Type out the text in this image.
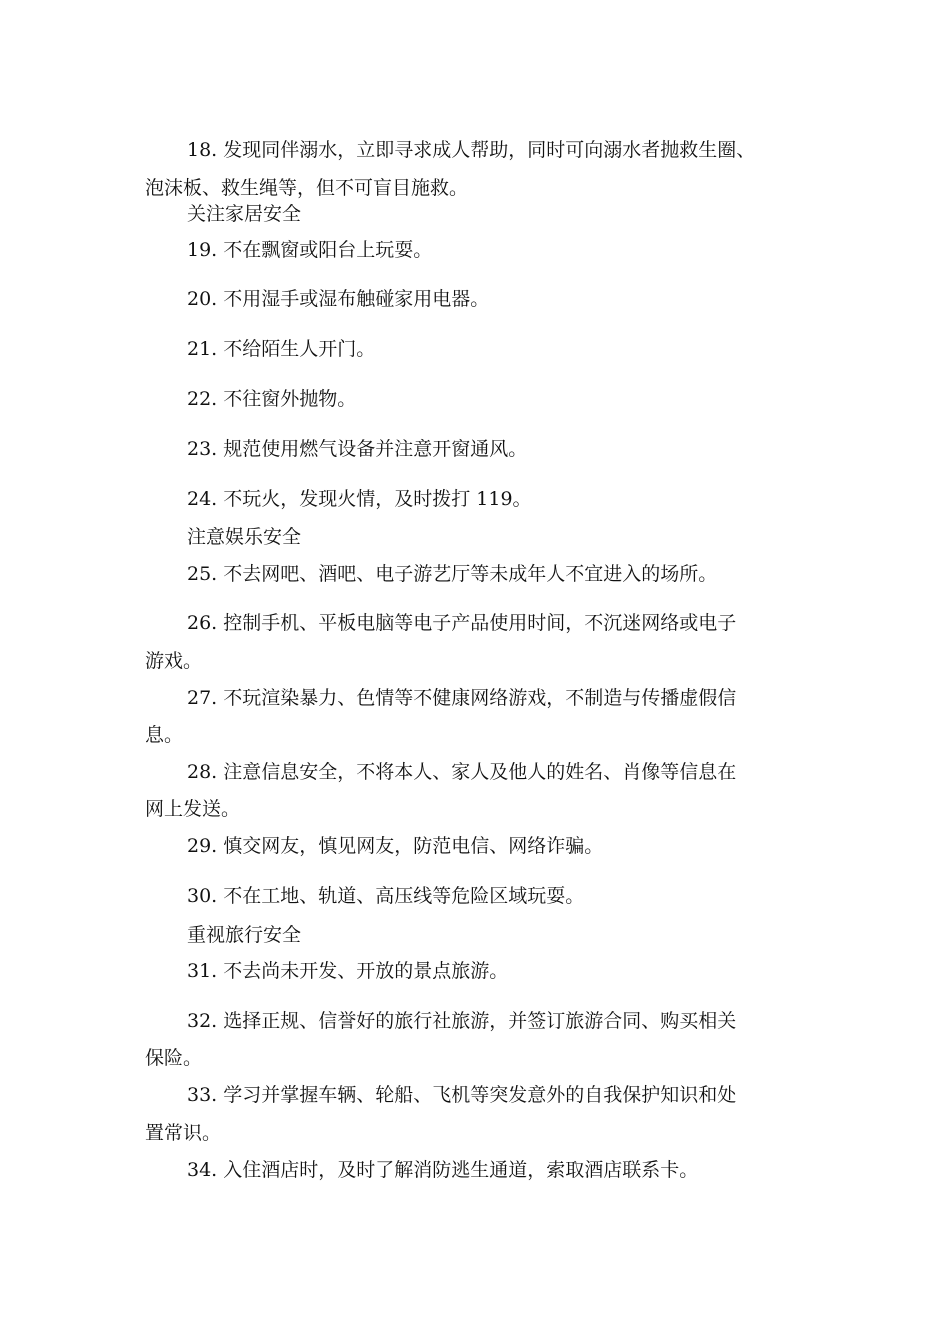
18. 发现同伴溺水，立即寻求成人帮助，同时可向溺水者抛救生圈、
泡沫板、救生绳等，但不可盲目施救。
关注家居安全
19. 不在飘窗或阳台上玩耍。
20. 不用湿手或湿布触碰家用电器。
21. 不给陌生人开门。
22. 不往窗外抛物。
23. 规范使用燃气设备并注意开窗通风。
24. 不玩火，发现火情，及时拨打 119。
注意娱乐安全
25. 不去网吧、酒吧、电子游艺厅等未成年人不宜进入的场所。
26. 控制手机、平板电脑等电子产品使用时间，不沉迷网络或电子
游戏。
27. 不玩渲染暴力、色情等不健康网络游戏，不制造与传播虚假信
息。
28. 注意信息安全，不将本人、家人及他人的姓名、肖像等信息在
网上发送。
29. 慎交网友，慎见网友，防范电信、网络诈骗。
30. 不在工地、轨道、高压线等危险区域玩耍。
重视旅行安全
31. 不去尚未开发、开放的景点旅游。
32. 选择正规、信誉好的旅行社旅游，并签订旅游合同、购买相关
保险。
33. 学习并掌握车辆、轮船、飞机等突发意外的自我保护知识和处
置常识。
34. 入住酒店时，及时了解消防逃生通道，索取酒店联系卡。
